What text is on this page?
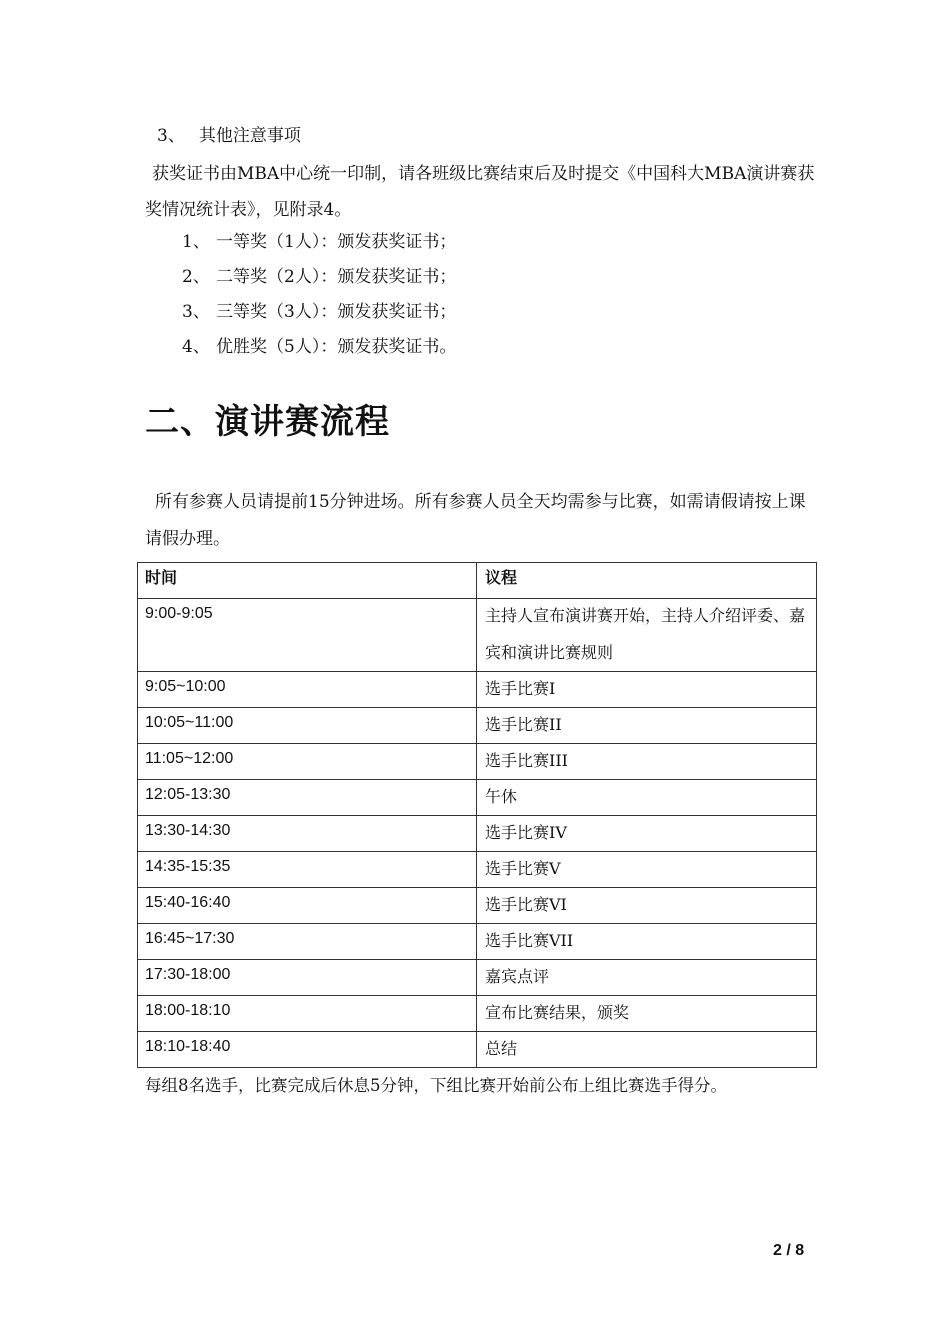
3、 其他注意事项
获奖证书由MBA中心统一印制，请各班级比赛结束后及时提交《中国科大MBA演讲赛获奖情况统计表》，见附录4。
1、 一等奖（1人）：颁发获奖证书；
2、 二等奖（2人）：颁发获奖证书；
3、 三等奖（3人）：颁发获奖证书；
4、 优胜奖（5人）：颁发获奖证书。
二、演讲赛流程
所有参赛人员请提前15分钟进场。所有参赛人员全天均需参与比赛，如需请假请按上课请假办理。
时间	议程
9:00-9:05	主持人宣布演讲赛开始，主持人介绍评委、嘉宾和演讲比赛规则

9:05~10:00	选手比赛I

10:05~11:00	选手比赛II

11:05~12:00	选手比赛III

12:05-13:30	午休

13:30-14:30	选手比赛IV

14:35-15:35	选手比赛V

15:40-16:40	选手比赛VI

16:45~17:30	选手比赛VII

17:30-18:00	嘉宾点评

18:00-18:10	宣布比赛结果，颁奖

18:10-18:40	总结
每组8名选手，比赛完成后休息5分钟，下组比赛开始前公布上组比赛选手得分。
2 / 8
